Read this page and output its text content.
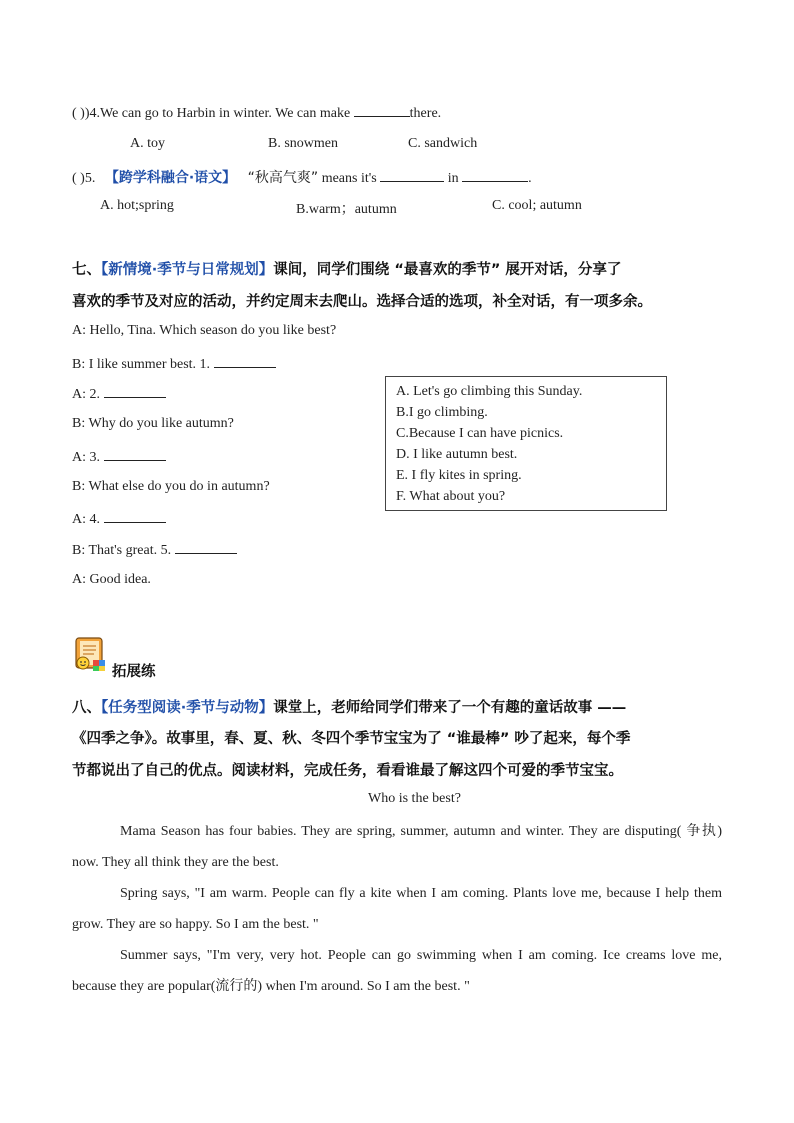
( ))4.We can go to Harbin in winter. We can make	there.
A. toy	B. snowmen	C. sandwich
( )5. 【跨学科融合·语文】 “秋高气爽” means it's	in	.
A. hot;spring	B.warm；autumn	C. cool; autumn
七、【新情境·季节与日常规划】课间，同学们围绕 “最喜欢的季节” 展开对话，分享了
喜欢的季节及对应的活动，并约定周末去爬山。选择合适的选项，补全对话，有一项多余。
A: Hello, Tina. Which season do you like best?
B: I like summer best. 1.
A: 2.
B: Why do you like autumn?
A: 3.
B: What else do you do in autumn?
A: 4.
B: That's great. 5.
A: Good idea.
A. Let's go climbing this Sunday.
B.I go climbing.
C.Because I can have picnics.
D. I like autumn best.
E. I fly kites in spring.
F. What about you?
拓展练
八、【任务型阅读·季节与动物】课堂上，老师给同学们带来了一个有趣的童话故事 ——
《四季之争》。故事里，春、夏、秋、冬四个季节宝宝为了 “谁最棒” 吵了起来，每个季
节都说出了自己的优点。阅读材料，完成任务，看看谁最了解这四个可爱的季节宝宝。
Who is the best?
Mama Season has four babies. They are spring, summer, autumn and winter. They are disputing( 争执) now. They all think they are the best.
Spring says, "I am warm. People can fly a kite when I am coming. Plants love me, because I help them grow. They are so happy. So I am the best. "
Summer says, "I'm very, very hot. People can go swimming when I am coming. Ice creams love me, because they are popular(流行的) when I'm around. So I am the best. "
